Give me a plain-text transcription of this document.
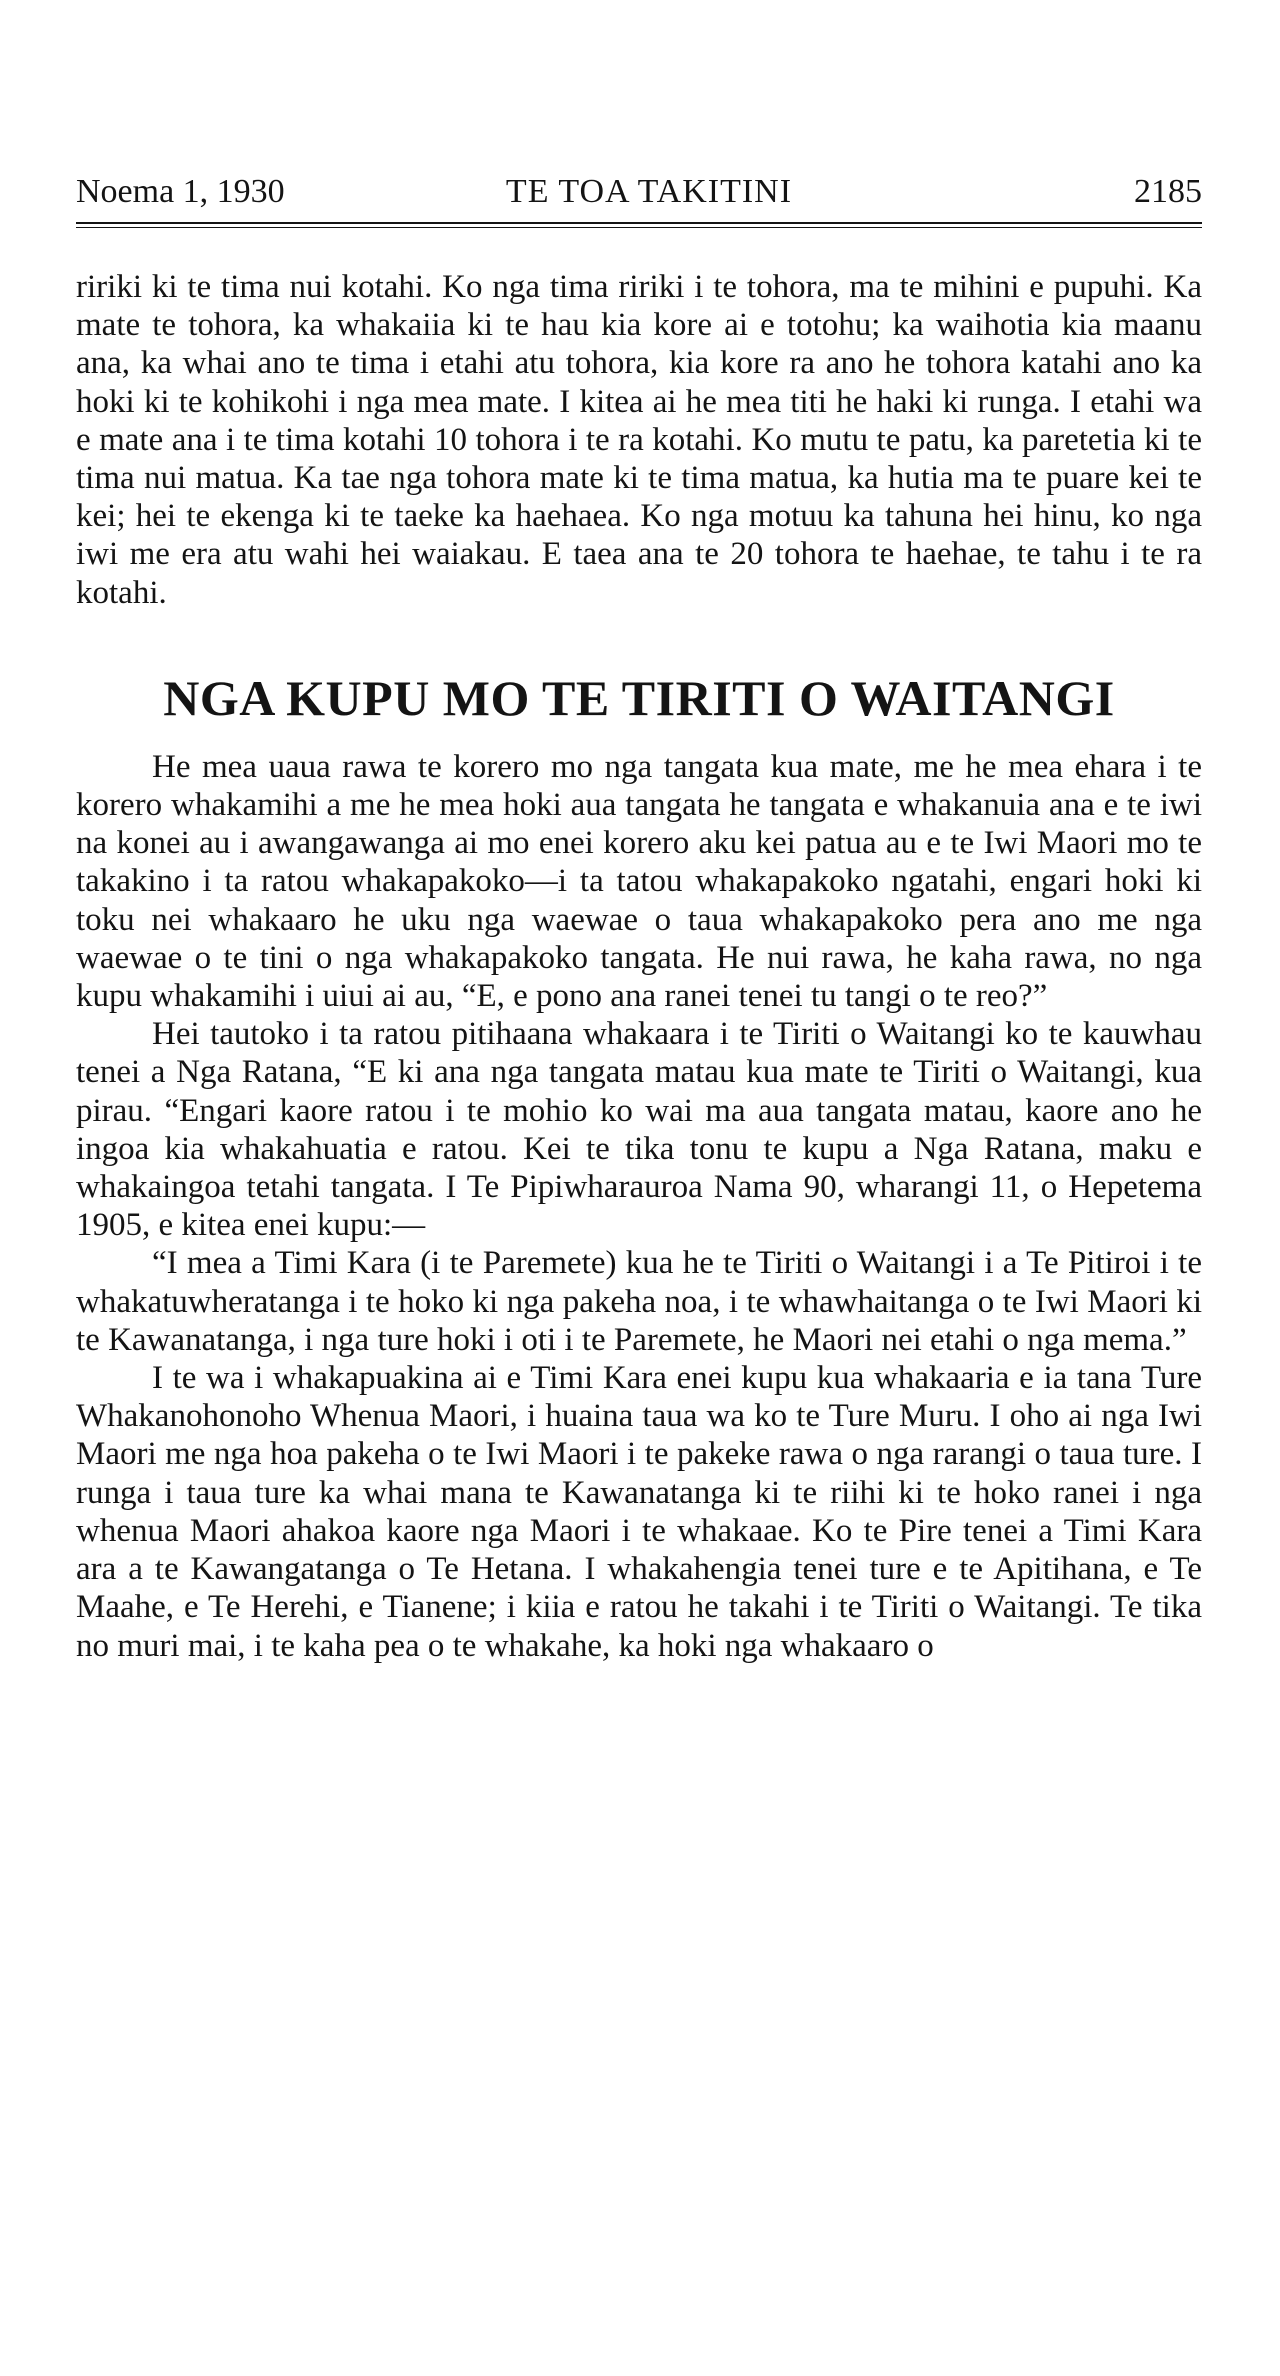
Noema 1, 1930	TE TOA TAKITINI	2185

ririki ki te tima nui kotahi. Ko nga tima ririki i te tohora, ma te mihini e pupuhi. Ka mate te tohora, ka whakaiia ki te hau kia kore ai e totohu; ka waihotia kia maanu ana, ka whai ano te tima i etahi atu tohora, kia kore ra ano he tohora katahi ano ka hoki ki te kohikohi i nga mea mate. I kitea ai he mea titi he haki ki runga. I etahi wa e mate ana i te tima kotahi 10 tohora i te ra kotahi. Ko mutu te patu, ka paretetia ki te tima nui matua. Ka tae nga tohora mate ki te tima matua, ka hutia ma te puare kei te kei; hei te ekenga ki te taeke ka haehaea. Ko nga motuu ka tahuna hei hinu, ko nga iwi me era atu wahi hei waiakau. E taea ana te 20 tohora te haehae, te tahu i te ra kotahi.

NGA KUPU MO TE TIRITI O WAITANGI

He mea uaua rawa te korero mo nga tangata kua mate, me he mea ehara i te korero whakamihi a me he mea hoki aua tangata he tangata e whakanuia ana e te iwi na konei au i awangawanga ai mo enei korero aku kei patua au e te Iwi Maori mo te takakino i ta ratou whakapakoko—i ta tatou whakapakoko ngatahi, engari hoki ki toku nei whakaaro he uku nga waewae o taua whakapakoko pera ano me nga waewae o te tini o nga whakapakoko tangata. He nui rawa, he kaha rawa, no nga kupu whakamihi i uiui ai au, “E, e pono ana ranei tenei tu tangi o te reo?”

Hei tautoko i ta ratou pitihaana whakaara i te Tiriti o Waitangi ko te kauwhau tenei a Nga Ratana, “E ki ana nga tangata matau kua mate te Tiriti o Waitangi, kua pirau. “Engari kaore ratou i te mohio ko wai ma aua tangata matau, kaore ano he ingoa kia whakahuatia e ratou. Kei te tika tonu te kupu a Nga Ratana, maku e whakaingoa tetahi tangata. I Te Pipiwharauroa Nama 90, wharangi 11, o Hepetema 1905, e kitea enei kupu:—

“I mea a Timi Kara (i te Paremete) kua he te Tiriti o Waitangi i a Te Pitiroi i te whakatuwheratanga i te hoko ki nga pakeha noa, i te whawhaitanga o te Iwi Maori ki te Kawanatanga, i nga ture hoki i oti i te Paremete, he Maori nei etahi o nga mema.”

I te wa i whakapuakina ai e Timi Kara enei kupu kua whakaaria e ia tana Ture Whakanohonoho Whenua Maori, i huaina taua wa ko te Ture Muru. I oho ai nga Iwi Maori me nga hoa pakeha o te Iwi Maori i te pakeke rawa o nga rarangi o taua ture. I runga i taua ture ka whai mana te Kawanatanga ki te riihi ki te hoko ranei i nga whenua Maori ahakoa kaore nga Maori i te whakaae. Ko te Pire tenei a Timi Kara ara a te Kawangatanga o Te Hetana. I whakahengia tenei ture e te Apitihana, e Te Maahe, e Te Herehi, e Tianene; i kiia e ratou he takahi i te Tiriti o Waitangi. Te tika no muri mai, i te kaha pea o te whakahe, ka hoki nga whakaaro o
